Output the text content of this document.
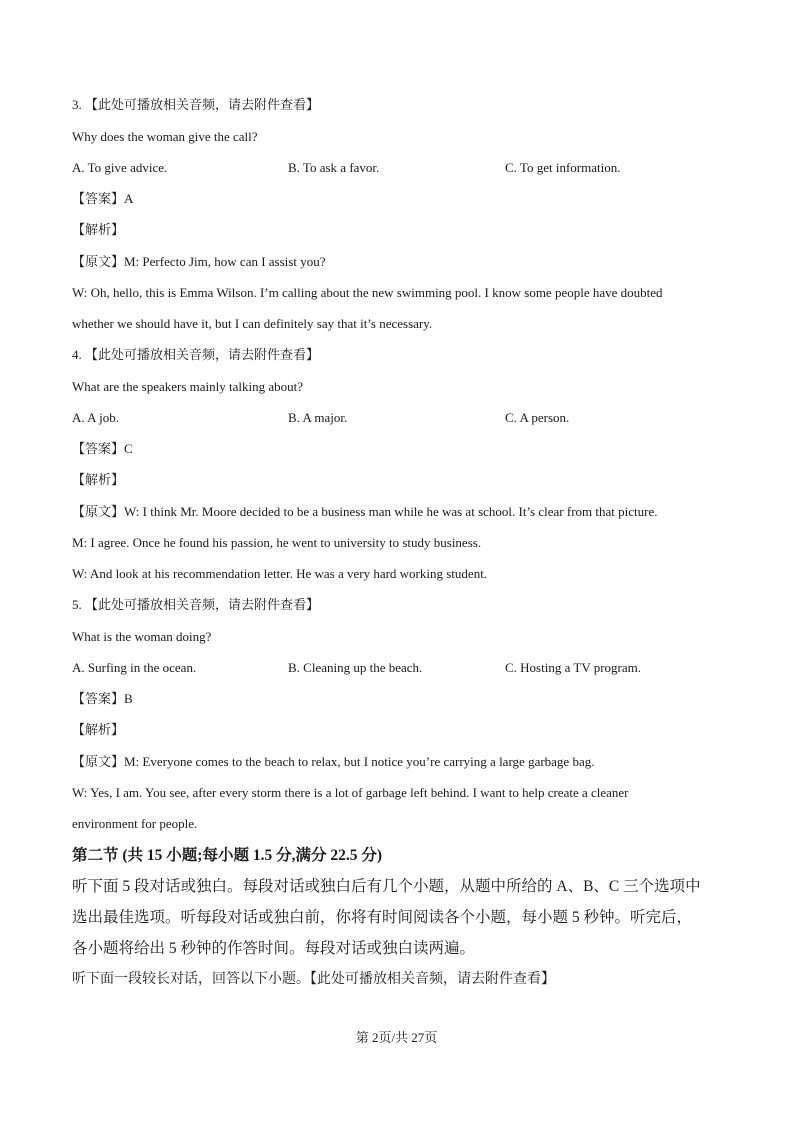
3. 【此处可播放相关音频，请去附件查看】
Why does the woman give the call?
A. To give advice.	B. To ask a favor.	C. To get information.
【答案】A
【解析】
【原文】M: Perfecto Jim, how can I assist you?
W: Oh, hello, this is Emma Wilson. I’m calling about the new swimming pool. I know some people have doubted
whether we should have it, but I can definitely say that it’s necessary.
4. 【此处可播放相关音频，请去附件查看】
What are the speakers mainly talking about?
A. A job.	B. A major.	C. A person.
【答案】C
【解析】
【原文】W: I think Mr. Moore decided to be a business man while he was at school. It’s clear from that picture.
M: I agree. Once he found his passion, he went to university to study business.
W: And look at his recommendation letter. He was a very hard working student.
5. 【此处可播放相关音频，请去附件查看】
What is the woman doing?
A. Surfing in the ocean.	B. Cleaning up the beach.	C. Hosting a TV program.
【答案】B
【解析】
【原文】M: Everyone comes to the beach to relax, but I notice you’re carrying a large garbage bag.
W: Yes, I am. You see, after every storm there is a lot of garbage left behind. I want to help create a cleaner
environment for people.
第二节 (共 15 小题;每小题 1.5 分,满分 22.5 分)
听下面 5 段对话或独白。每段对话或独白后有几个小题，从题中所给的 A、B、C 三个选项中
选出最佳选项。听每段对话或独白前，你将有时间阅读各个小题，每小题 5 秒钟。听完后，
各小题将给出 5 秒钟的作答时间。每段对话或独白读两遍。
听下面一段较长对话，回答以下小题。【此处可播放相关音频，请去附件查看】
第 2页/共 27页
